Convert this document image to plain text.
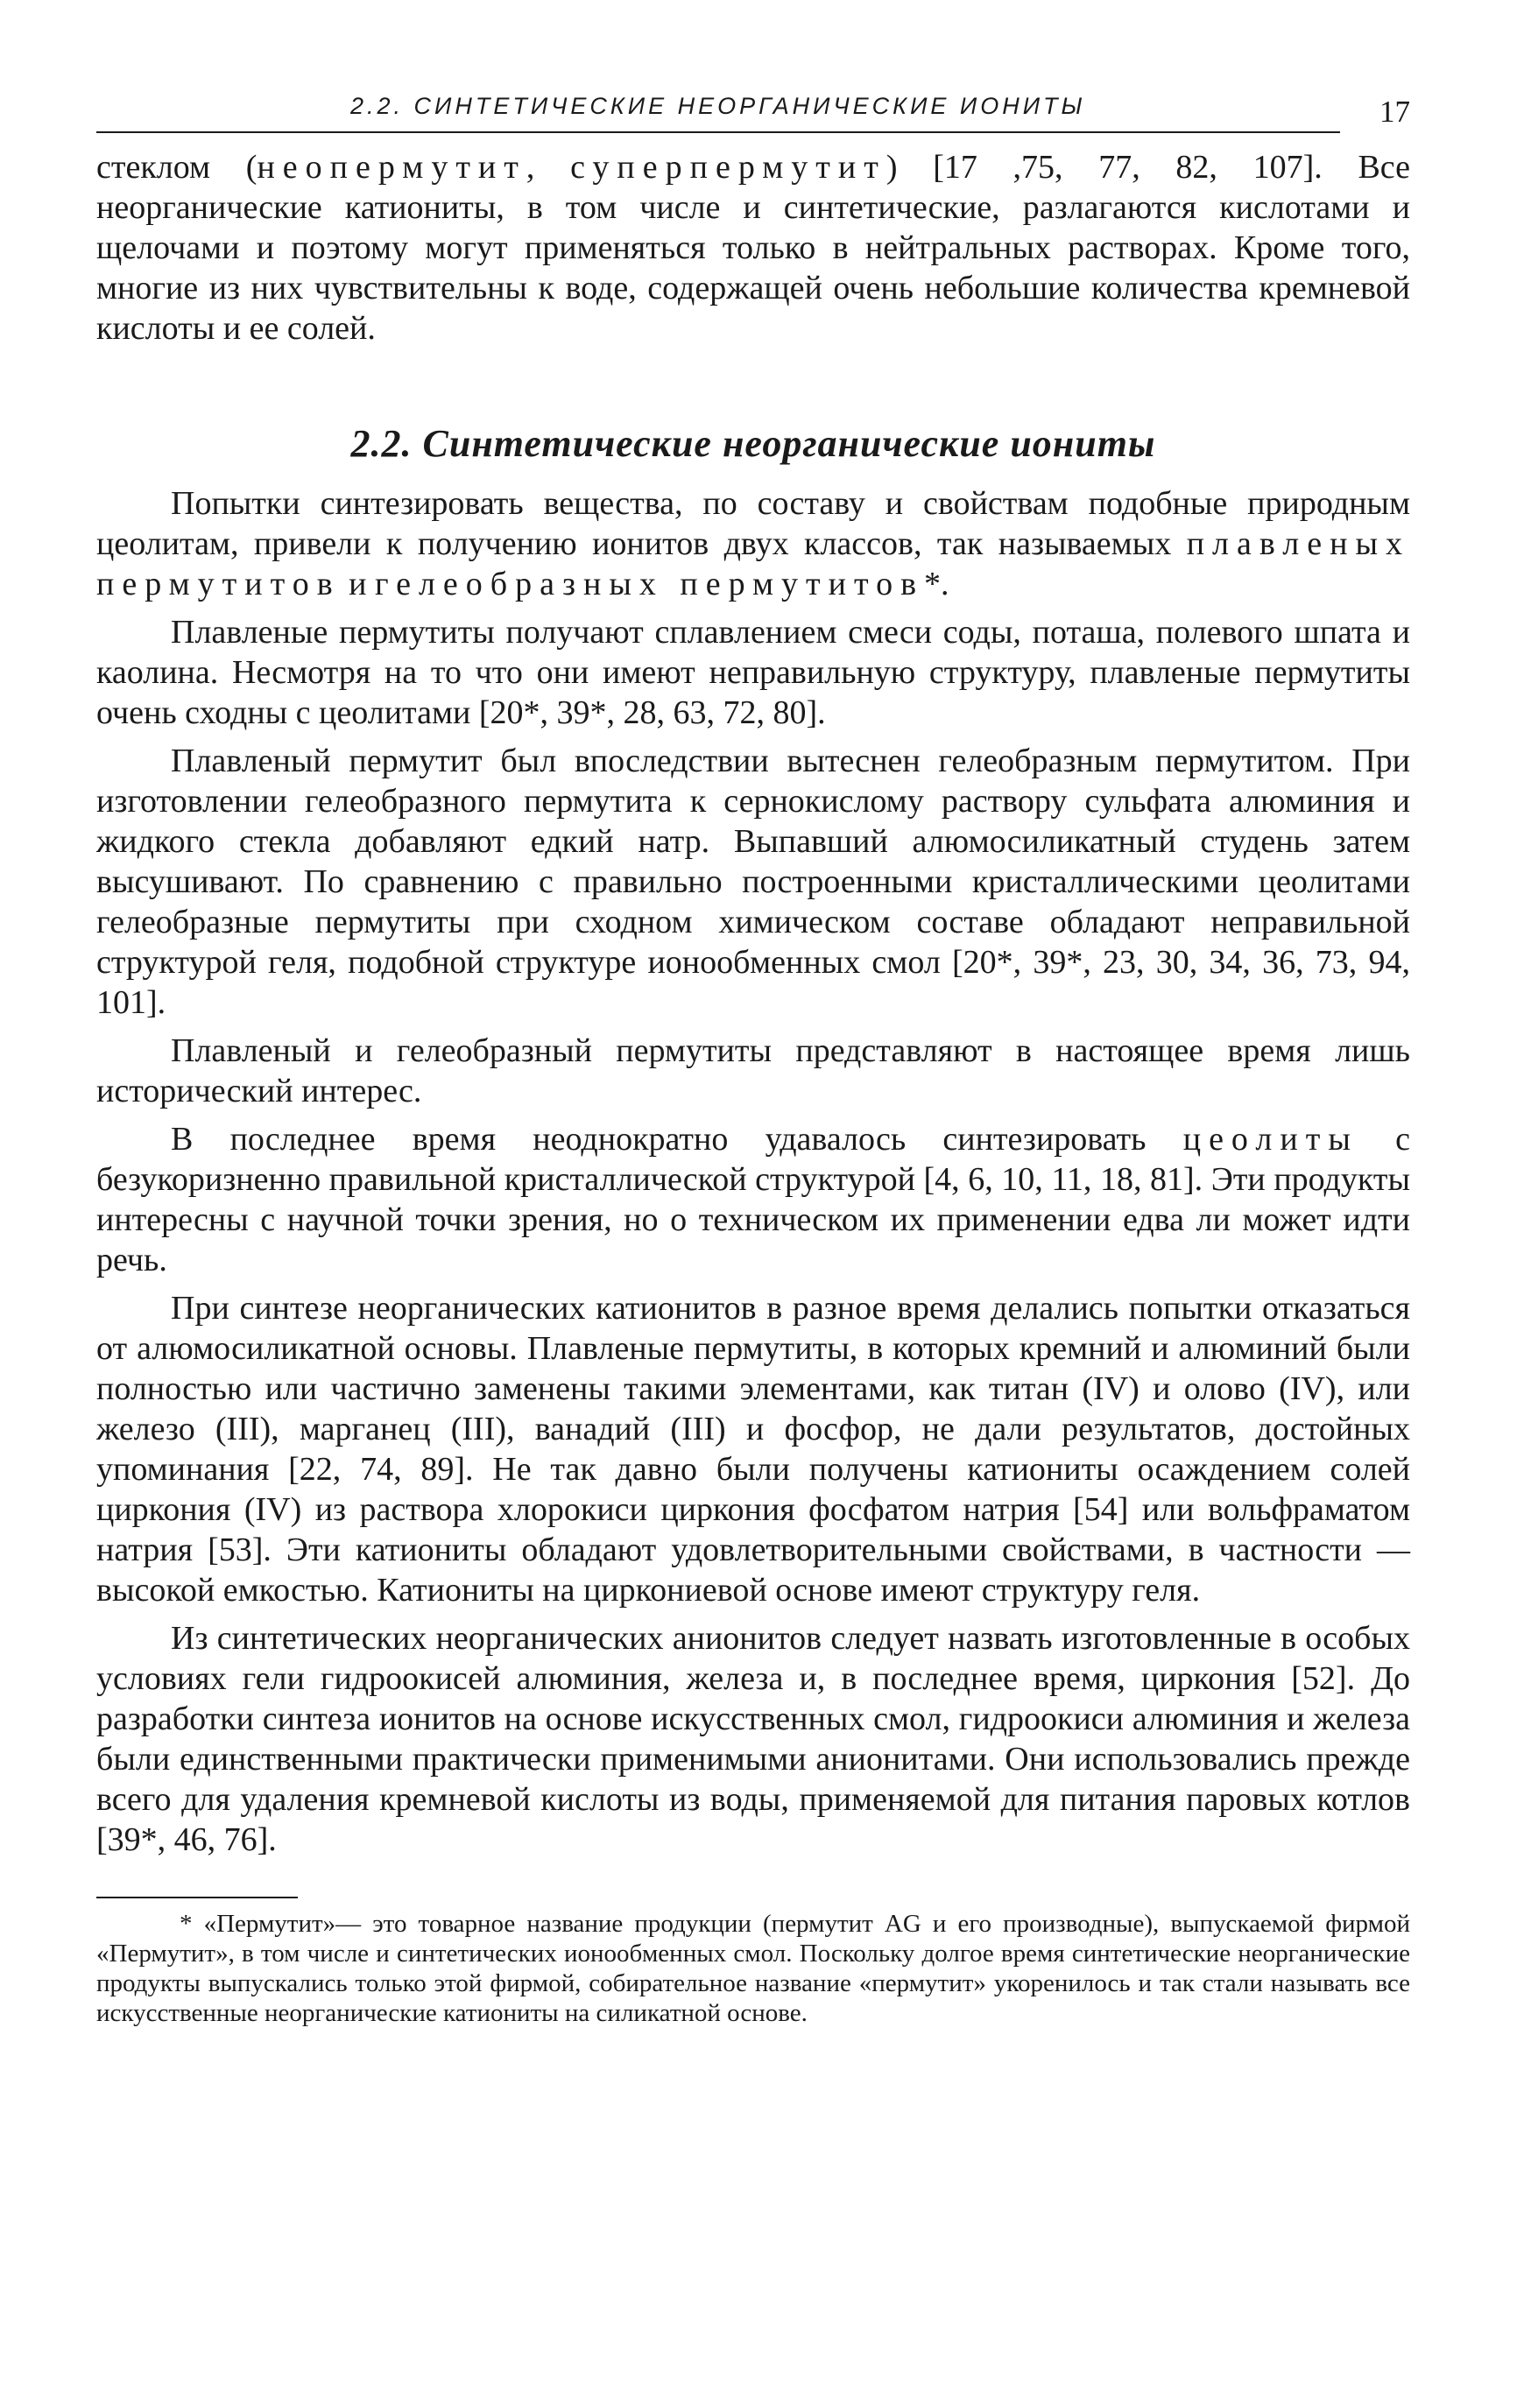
2.2. СИНТЕТИЧЕСКИЕ НЕОРГАНИЧЕСКИЕ ИОНИТЫ	17

стеклом (неопермутит, суперпермутит) [17 ,75, 77, 82, 107]. Все неорганические катиониты, в том числе и синтетические, разлагаются кислотами и щелочами и поэтому могут применяться только в нейтральных растворах. Кроме того, многие из них чувствительны к воде, содержащей очень небольшие количества кремневой кислоты и ее солей.

2.2. Синтетические неорганические иониты

Попытки синтезировать вещества, по составу и свойствам подобные природным цеолитам, привели к получению ионитов двух классов, так называемых плавленых пермутитов и гелеобразных пермутитов*.

Плавленые пермутиты получают сплавлением смеси соды, поташа, полевого шпата и каолина. Несмотря на то что они имеют неправильную структуру, плавленые пермутиты очень сходны с цеолитами [20*, 39*, 28, 63, 72, 80].

Плавленый пермутит был впоследствии вытеснен гелеобразным пермутитом. При изготовлении гелеобразного пермутита к сернокислому раствору сульфата алюминия и жидкого стекла добавляют едкий натр. Выпавший алюмосиликатный студень затем высушивают. По сравнению с правильно построенными кристаллическими цеолитами гелеобразные пермутиты при сходном химическом составе обладают неправильной структурой геля, подобной структуре ионообменных смол [20*, 39*, 23, 30, 34, 36, 73, 94, 101].

Плавленый и гелеобразный пермутиты представляют в настоящее время лишь исторический интерес.

В последнее время неоднократно удавалось синтезировать цеолиты с безукоризненно правильной кристаллической структурой [4, 6, 10, 11, 18, 81]. Эти продукты интересны с научной точки зрения, но о техническом их применении едва ли может идти речь.

При синтезе неорганических катионитов в разное время делались попытки отказаться от алюмосиликатной основы. Плавленые пермутиты, в которых кремний и алюминий были полностью или частично заменены такими элементами, как титан (IV) и олово (IV), или железо (III), марганец (III), ванадий (III) и фосфор, не дали результатов, достойных упоминания [22, 74, 89]. Не так давно были получены катиониты осаждением солей циркония (IV) из раствора хлорокиси циркония фосфатом натрия [54] или вольфраматом натрия [53]. Эти катиониты обладают удовлетворительными свойствами, в частности — высокой емкостью. Катиониты на циркониевой основе имеют структуру геля.

Из синтетических неорганических анионитов следует назвать изготовленные в особых условиях гели гидроокисей алюминия, железа и, в последнее время, циркония [52]. До разработки синтеза ионитов на основе искусственных смол, гидроокиси алюминия и железа были единственными практически применимыми анионитами. Они использовались прежде всего для удаления кремневой кислоты из воды, применяемой для питания паровых котлов [39*, 46, 76].

* «Пермутит»— это товарное название продукции (пермутит AG и его производные), выпускаемой фирмой «Пермутит», в том числе и синтетических ионообменных смол. Поскольку долгое время синтетические неорганические продукты выпускались только этой фирмой, собирательное название «пермутит» укоренилось и так стали называть все искусственные неорганические катиониты на силикатной основе.
